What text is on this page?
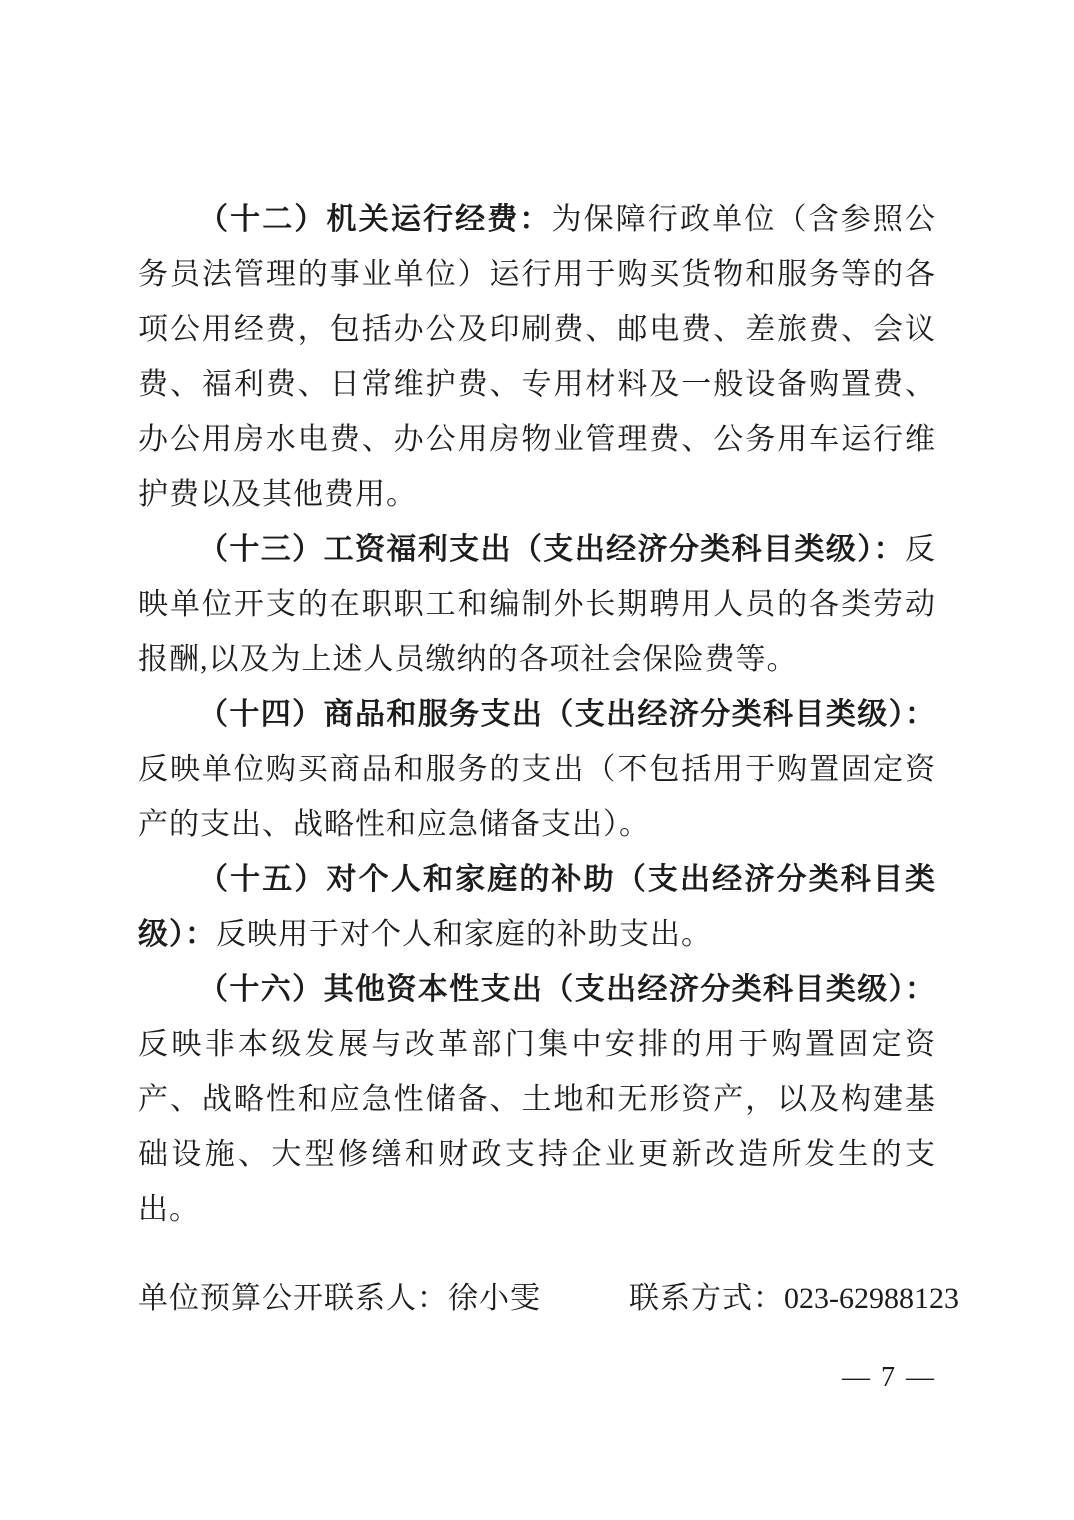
（十二）机关运行经费：为保障行政单位（含参照公务员法管理的事业单位）运行用于购买货物和服务等的各项公用经费，包括办公及印刷费、邮电费、差旅费、会议费、福利费、日常维护费、专用材料及一般设备购置费、办公用房水电费、办公用房物业管理费、公务用车运行维护费以及其他费用。

（十三）工资福利支出（支出经济分类科目类级）：反映单位开支的在职职工和编制外长期聘用人员的各类劳动报酬,以及为上述人员缴纳的各项社会保险费等。

（十四）商品和服务支出（支出经济分类科目类级）：反映单位购买商品和服务的支出（不包括用于购置固定资产的支出、战略性和应急储备支出）。

（十五）对个人和家庭的补助（支出经济分类科目类级）：反映用于对个人和家庭的补助支出。

（十六）其他资本性支出（支出经济分类科目类级）：反映非本级发展与改革部门集中安排的用于购置固定资产、战略性和应急性储备、土地和无形资产，以及构建基础设施、大型修缮和财政支持企业更新改造所发生的支出。

单位预算公开联系人：徐小雯	联系方式：023-62988123
— 7 —
